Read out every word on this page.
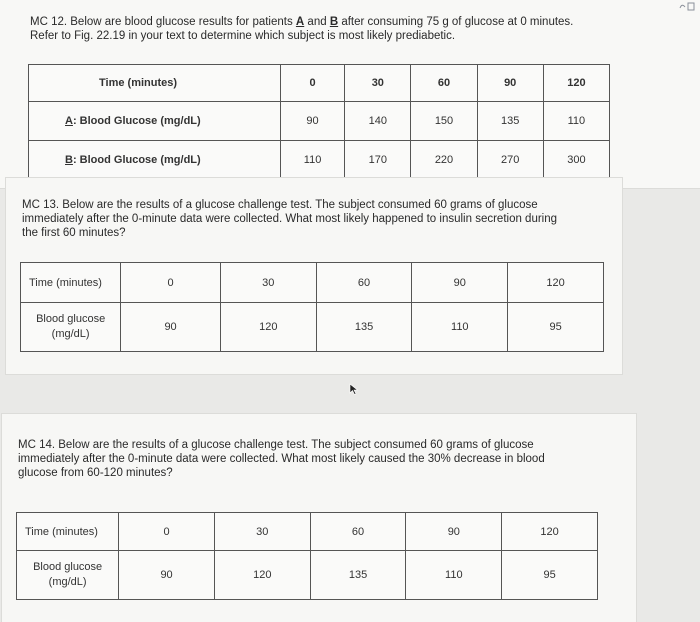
MC 12. Below are blood glucose results for patients A and B after consuming 75 g of glucose at 0 minutes.
Refer to Fig. 22.19 in your text to determine which subject is most likely prediabetic.
Time (minutes)	0	30	60	90	120
A: Blood Glucose (mg/dL)	90	140	150	135	110
B: Blood Glucose (mg/dL)	110	170	220	270	300
MC 13. Below are the results of a glucose challenge test. The subject consumed 60 grams of glucose
immediately after the 0-minute data were collected. What most likely happened to insulin secretion during
the first 60 minutes?
Time (minutes)	0	30	60	90	120

Blood glucose
(mg/dL)	90	120	135	110	95
MC 14. Below are the results of a glucose challenge test. The subject consumed 60 grams of glucose
immediately after the 0-minute data were collected. What most likely caused the 30% decrease in blood
glucose from 60-120 minutes?
Time (minutes)	0	30	60	90	120

Blood glucose
(mg/dL)	90	120	135	110	95
